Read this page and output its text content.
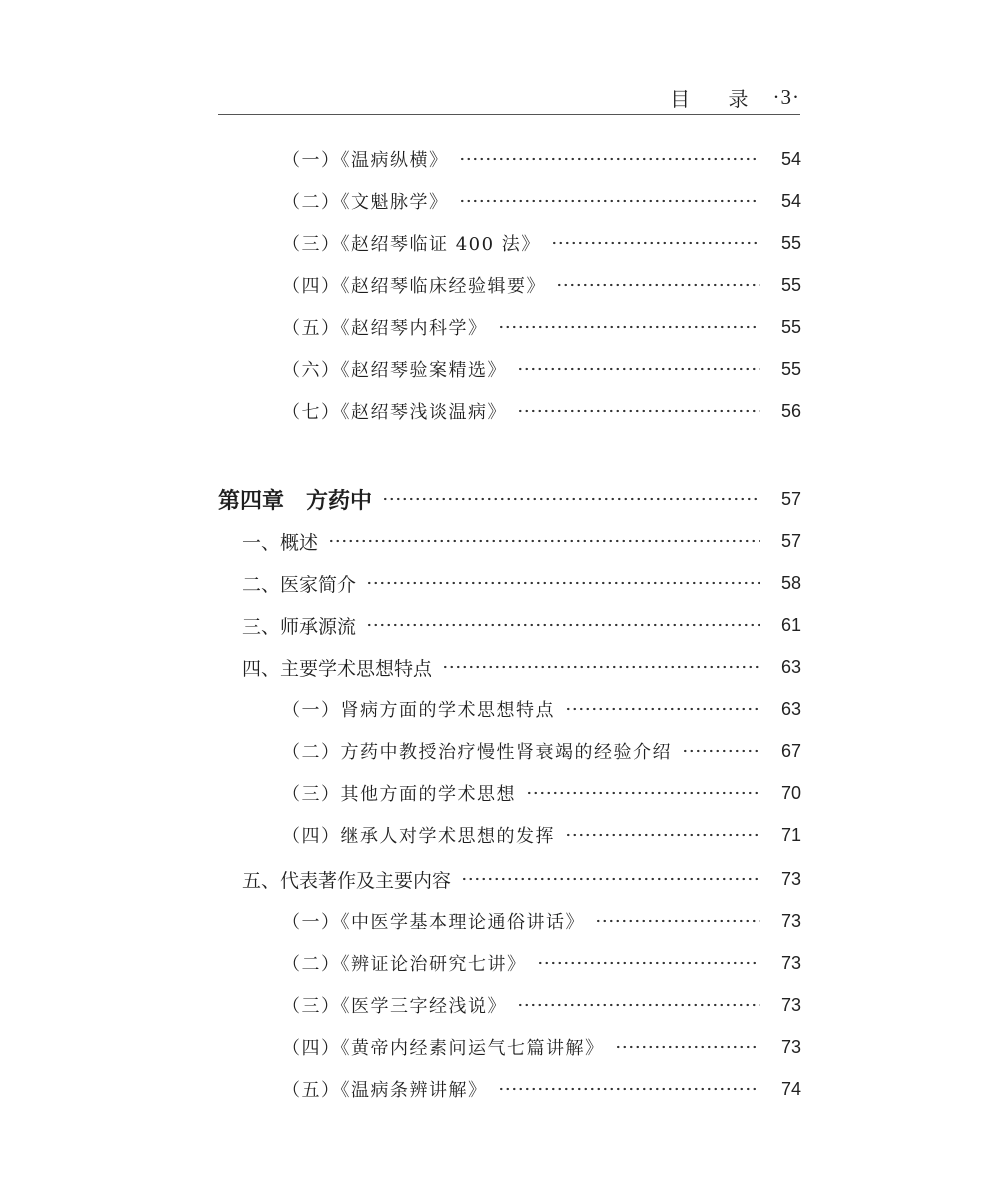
目 录 ·3·
（一）《温病纵横》	54
（二）《文魁脉学》	54
（三）《赵绍琴临证 400 法》	55
（四）《赵绍琴临床经验辑要》	55
（五）《赵绍琴内科学》	55
（六）《赵绍琴验案精选》	55
（七）《赵绍琴浅谈温病》	56
第四章　方药中	57
一、概述	57
二、医家简介	58
三、师承源流	61
四、主要学术思想特点	63
（一）肾病方面的学术思想特点	63
（二）方药中教授治疗慢性肾衰竭的经验介绍	67
（三）其他方面的学术思想	70
（四）继承人对学术思想的发挥	71
五、代表著作及主要内容	73
（一）《中医学基本理论通俗讲话》	73
（二）《辨证论治研究七讲》	73
（三）《医学三字经浅说》	73
（四）《黄帝内经素问运气七篇讲解》	73
（五）《温病条辨讲解》	74
